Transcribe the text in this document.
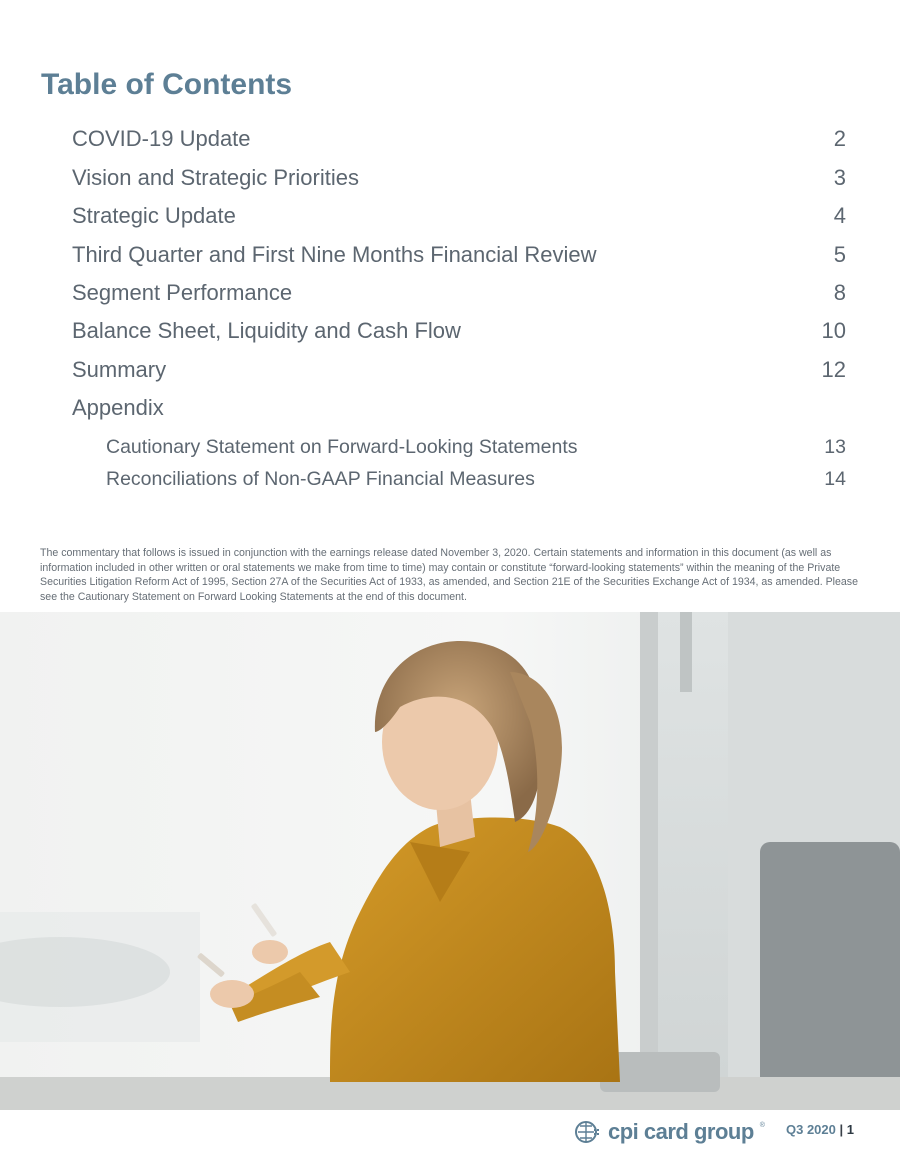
Table of Contents
COVID-19 Update	2
Vision and Strategic Priorities	3
Strategic Update	4
Third Quarter and First Nine Months Financial Review	5
Segment Performance	8
Balance Sheet, Liquidity and Cash Flow	10
Summary	12
Appendix
Cautionary Statement on Forward-Looking Statements	13
Reconciliations of Non-GAAP Financial Measures	14

The commentary that follows is issued in conjunction with the earnings release dated November 3, 2020. Certain statements and information in this document (as well as information included in other written or oral statements we make from time to time) may contain or constitute “forward-looking statements” within the meaning of the Private Securities Litigation Reform Act of 1995, Section 27A of the Securities Act of 1933, as amended, and Section 21E of the Securities Exchange Act of 1934, as amended. Please see the Cautionary Statement on Forward Looking Statements at the end of this document.

cpi card group ® Q3 2020 | 1
